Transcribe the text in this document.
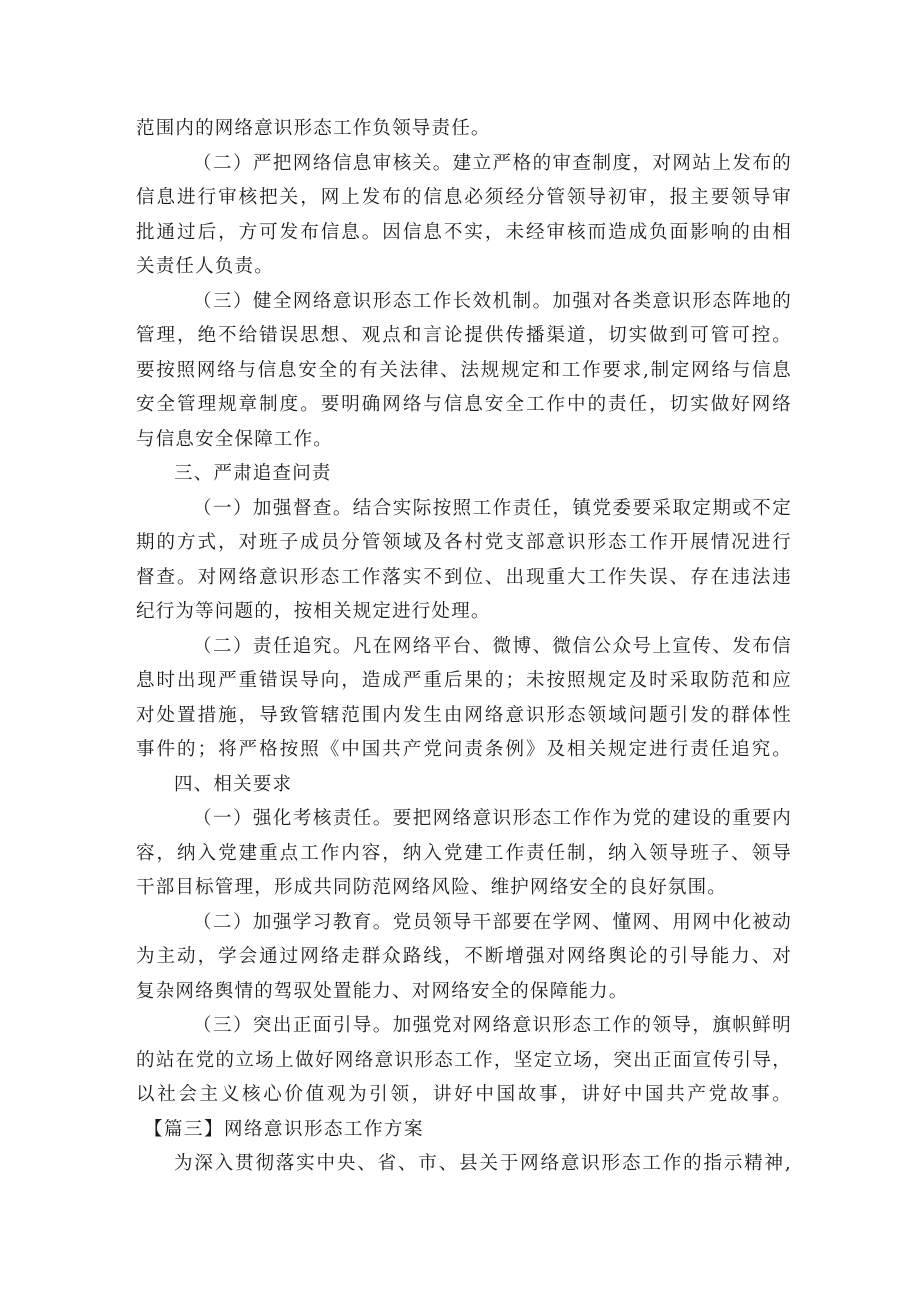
范围内的网络意识形态工作负领导责任。
（二）严把网络信息审核关。建立严格的审查制度，对网站上发布的
信息进行审核把关，网上发布的信息必须经分管领导初审，报主要领导审
批通过后，方可发布信息。因信息不实，未经审核而造成负面影响的由相
关责任人负责。
（三）健全网络意识形态工作长效机制。加强对各类意识形态阵地的
管理，绝不给错误思想、观点和言论提供传播渠道，切实做到可管可控。
要按照网络与信息安全的有关法律、法规规定和工作要求,制定网络与信息
安全管理规章制度。要明确网络与信息安全工作中的责任，切实做好网络
与信息安全保障工作。
三、严肃追查问责
（一）加强督查。结合实际按照工作责任，镇党委要采取定期或不定
期的方式，对班子成员分管领域及各村党支部意识形态工作开展情况进行
督查。对网络意识形态工作落实不到位、出现重大工作失误、存在违法违
纪行为等问题的，按相关规定进行处理。
（二）责任追究。凡在网络平台、微博、微信公众号上宣传、发布信
息时出现严重错误导向，造成严重后果的；未按照规定及时采取防范和应
对处置措施，导致管辖范围内发生由网络意识形态领域问题引发的群体性
事件的；将严格按照《中国共产党问责条例》及相关规定进行责任追究。
四、相关要求
（一）强化考核责任。要把网络意识形态工作作为党的建设的重要内
容，纳入党建重点工作内容，纳入党建工作责任制，纳入领导班子、领导
干部目标管理，形成共同防范网络风险、维护网络安全的良好氛围。
（二）加强学习教育。党员领导干部要在学网、懂网、用网中化被动
为主动，学会通过网络走群众路线，不断增强对网络舆论的引导能力、对
复杂网络舆情的驾驭处置能力、对网络安全的保障能力。
（三）突出正面引导。加强党对网络意识形态工作的领导，旗帜鲜明
的站在党的立场上做好网络意识形态工作，坚定立场，突出正面宣传引导，
以社会主义核心价值观为引领，讲好中国故事，讲好中国共产党故事。
【篇三】网络意识形态工作方案
为深入贯彻落实中央、省、市、县关于网络意识形态工作的指示精神,
